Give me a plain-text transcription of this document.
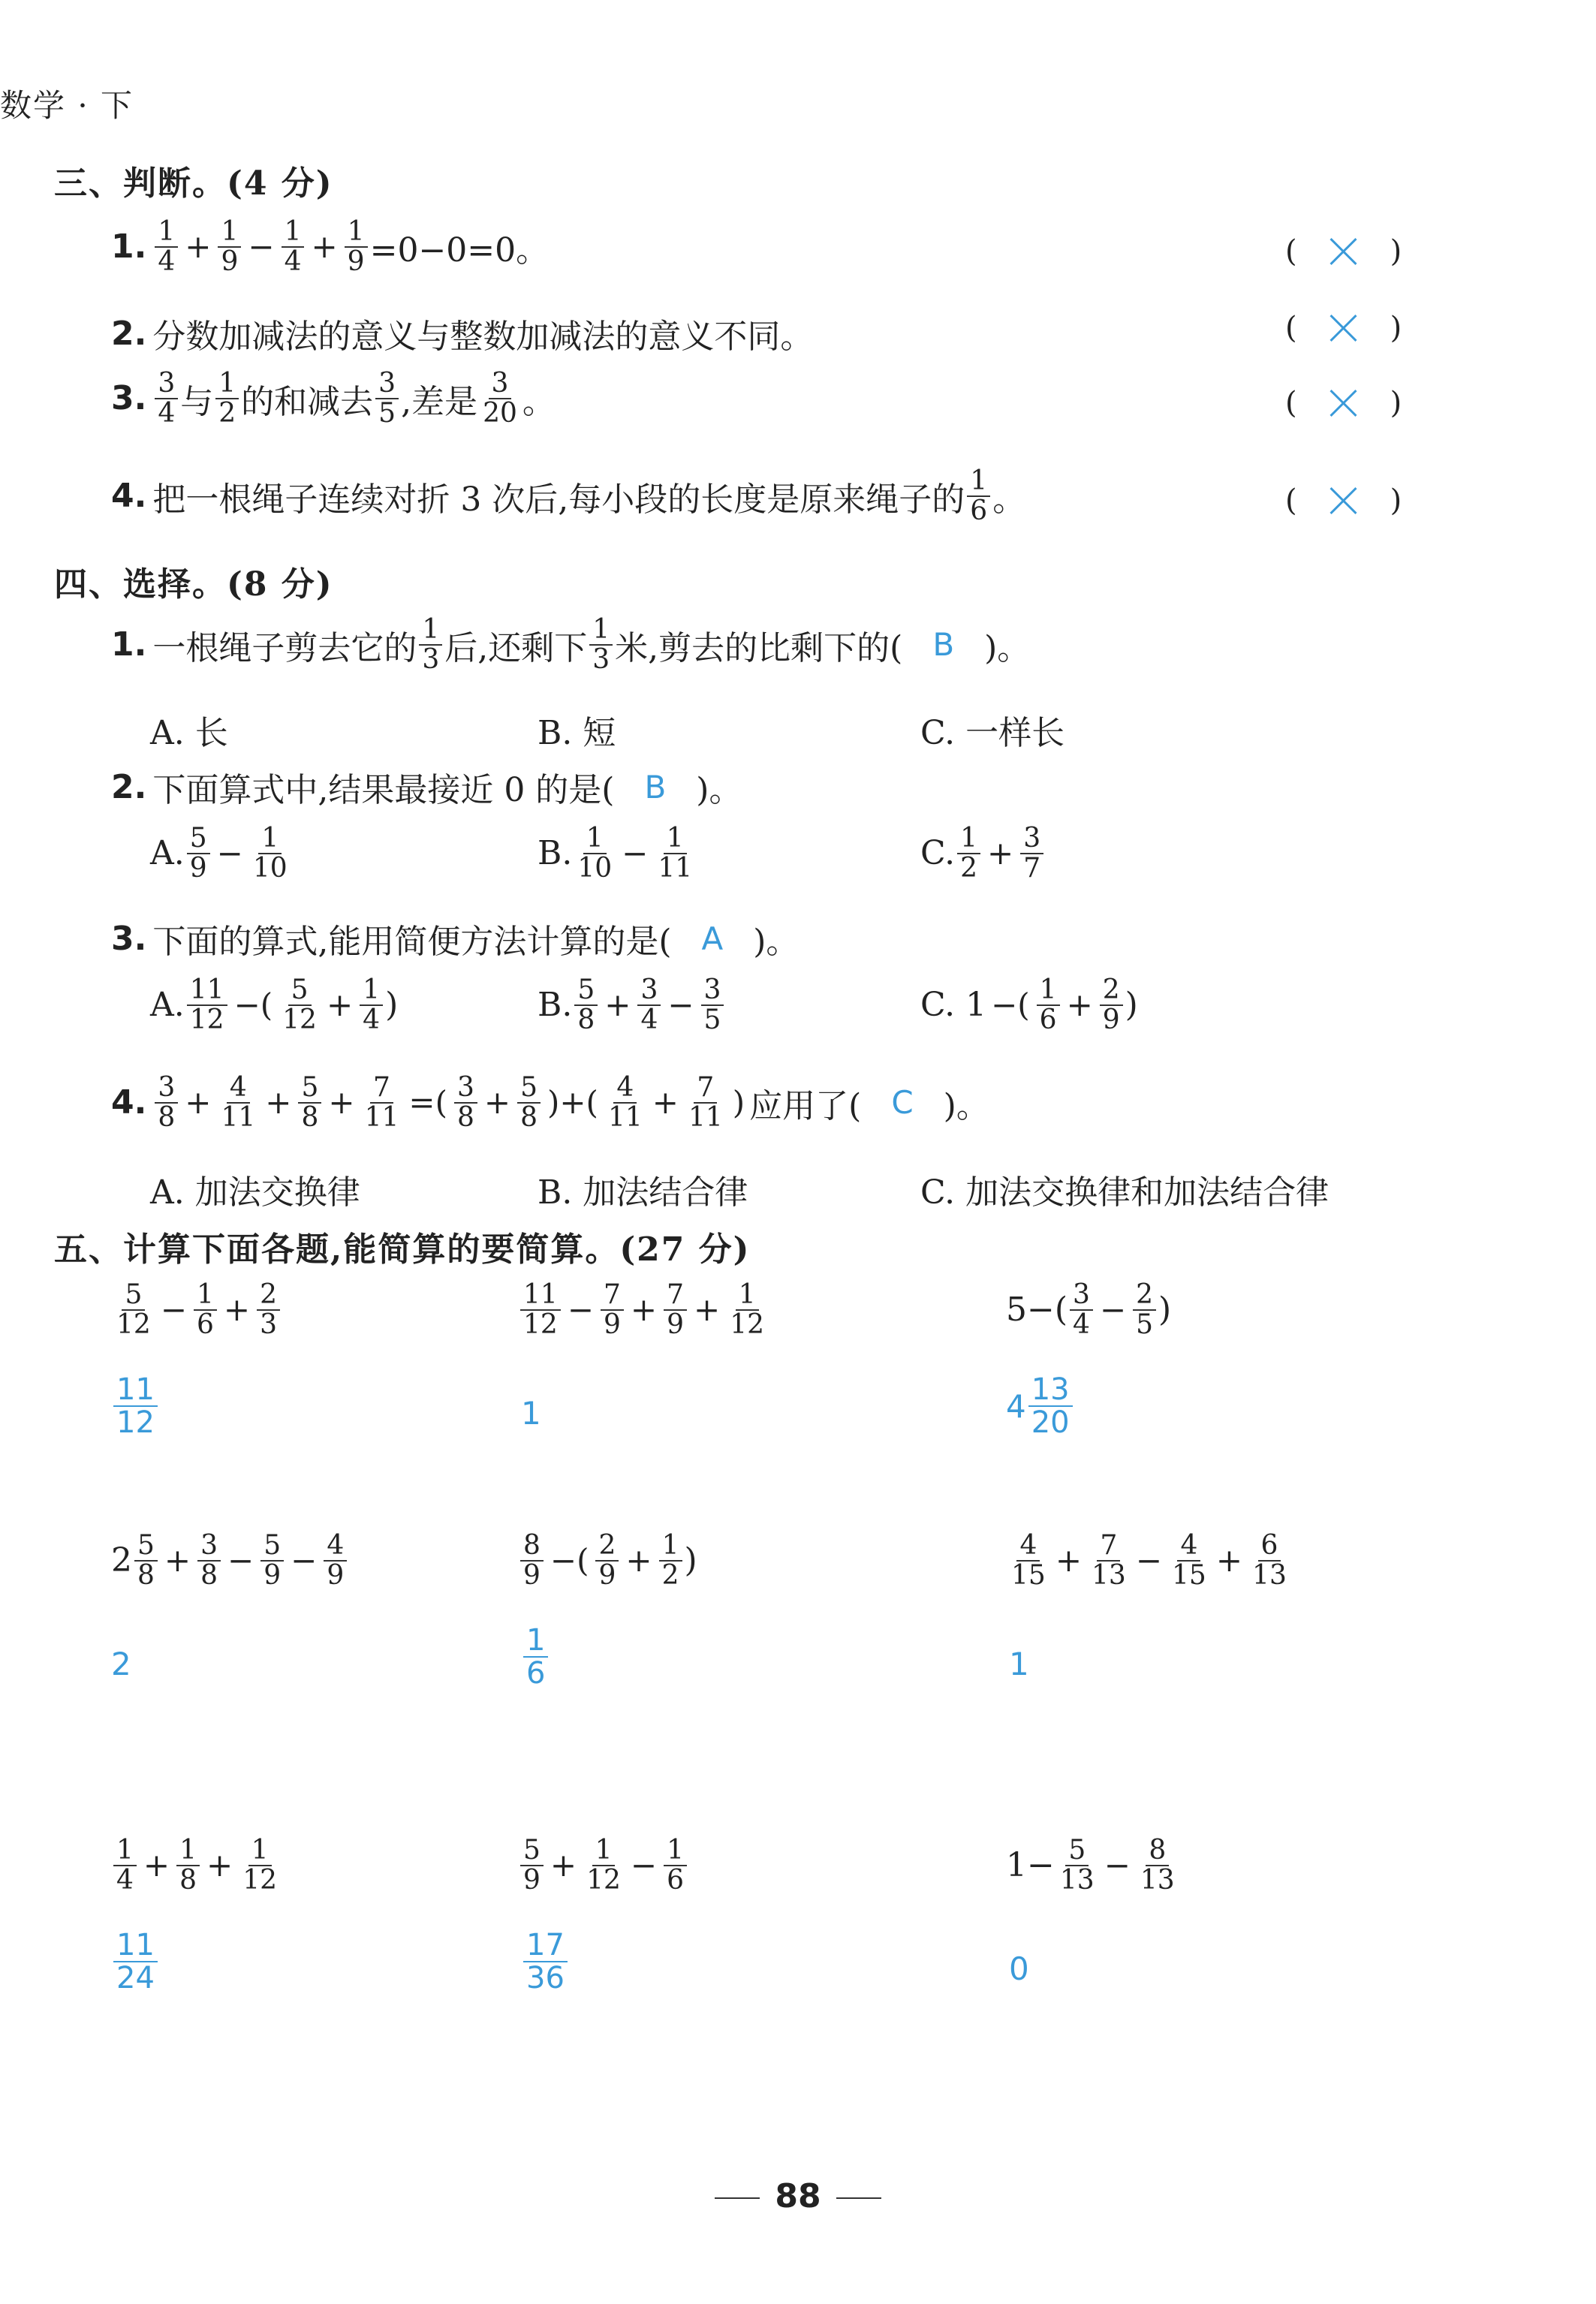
数学 · 下
三、判断。(4 分)
1. $\frac{1}{4} + \frac{1}{9} - \frac{1}{4} + \frac{1}{9} =0-0=0$。	(	)
2. 分数加减法的意义与整数加减法的意义不同。	(	)
3. $\frac{3}{4}$ 与 $\frac{1}{2}$ 的和减去 $\frac{3}{5}$ ,差是 $\frac{3}{20}$ 。	(	)
4. 把一根绳子连续对折 3 次后,每小段的长度是原来绳子的 $\frac{1}{6}$ 。	(	)
四、选择。(8 分)
1. 一根绳子剪去它的 $\frac{1}{3}$ 后,还剩下 $\frac{1}{3}$ 米,剪去的比剩下的( B )。
A. 长	B. 短	C. 一样长
2. 下面算式中,结果最接近 0 的是( B )。
A. $\frac{5}{9} - \frac{1}{10}$	B. $\frac{1}{10} - \frac{1}{11}$	C. $\frac{1}{2} + \frac{3}{7}$
3. 下面的算式,能用简便方法计算的是( A )。
A. $\frac{11}{12}$ −( $\frac{5}{12} + \frac{1}{4}$ )	B. $\frac{5}{8} + \frac{3}{4} - \frac{3}{5}$	C. 1 −( $\frac{1}{6} + \frac{2}{9}$ )
4. $\frac{3}{8} + \frac{4}{11} + \frac{5}{8} + \frac{7}{11}$ =( $\frac{3}{8} + \frac{5}{8}$ )+( $\frac{4}{11} + \frac{7}{11}$ ) 应用了( C )。
A. 加法交换律	B. 加法结合律	C. 加法交换律和加法结合律
五、计算下面各题,能简算的要简算。(27 分)
$\frac{5}{12} - \frac{1}{6} + \frac{2}{3}$	$\frac{11}{12} - \frac{7}{9} + \frac{7}{9} + \frac{1}{12}$	$5-( \frac{3}{4} - \frac{2}{5}$ )
$\frac{11}{12}$	1	$4 \frac{13}{20}$
$2 \frac{5}{8} + \frac{3}{8} - \frac{5}{9} - \frac{4}{9}$	$\frac{8}{9}$ −( $\frac{2}{9} + \frac{1}{2}$ )	$\frac{4}{15} + \frac{7}{13} - \frac{4}{15} + \frac{6}{13}$
2	$\frac{1}{6}$	1
$\frac{1}{4} + \frac{1}{8} + \frac{1}{12}$	$\frac{5}{9} + \frac{1}{12} - \frac{1}{6}$	$1- \frac{5}{13} - \frac{8}{13}$
$\frac{11}{24}$	$\frac{17}{36}$	0
88
